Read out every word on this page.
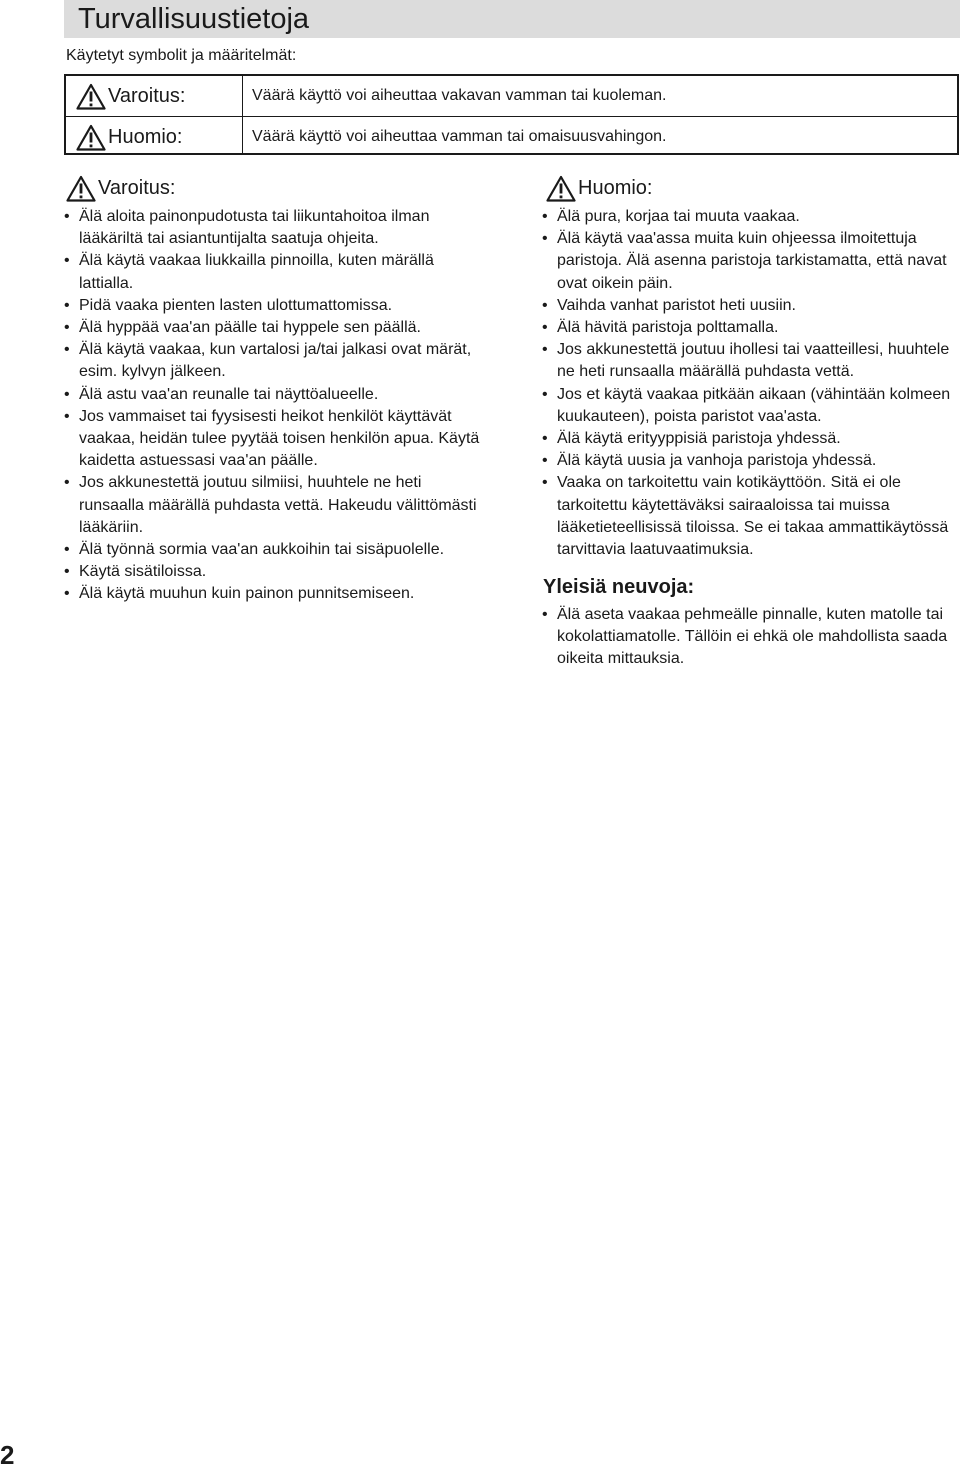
Turvallisuustietoja
Käytetyt symbolit ja määritelmät:
Varoitus:	Väärä käyttö voi aiheuttaa vakavan vamman tai kuoleman.
Huomio:	Väärä käyttö voi aiheuttaa vamman tai omaisuusvahingon.
Varoitus:
• Älä aloita painonpudotusta tai liikuntahoitoa ilman lääkäriltä tai asiantuntijalta saatuja ohjeita.
• Älä käytä vaakaa liukkailla pinnoilla, kuten märällä lattialla.
• Pidä vaaka pienten lasten ulottumattomissa.
• Älä hyppää vaa'an päälle tai hyppele sen päällä.
• Älä käytä vaakaa, kun vartalosi ja/tai jalkasi ovat märät, esim. kylvyn jälkeen.
• Älä astu vaa'an reunalle tai näyttöalueelle.
• Jos vammaiset tai fyysisesti heikot henkilöt käyttävät vaakaa, heidän tulee pyytää toisen henkilön apua. Käytä kaidetta astuessasi vaa'an päälle.
• Jos akkunestettä joutuu silmiisi, huuhtele ne heti runsaalla määrällä puhdasta vettä. Hakeudu välittömästi lääkäriin.
• Älä työnnä sormia vaa'an aukkoihin tai sisäpuolelle.
• Käytä sisätiloissa.
• Älä käytä muuhun kuin painon punnitsemiseen.
Huomio:
• Älä pura, korjaa tai muuta vaakaa.
• Älä käytä vaa'assa muita kuin ohjeessa ilmoitettuja paristoja. Älä asenna paristoja tarkistamatta, että navat ovat oikein päin.
• Vaihda vanhat paristot heti uusiin.
• Älä hävitä paristoja polttamalla.
• Jos akkunestettä joutuu ihollesi tai vaatteillesi, huuhtele ne heti runsaalla määrällä puhdasta vettä.
• Jos et käytä vaakaa pitkään aikaan (vähintään kolmeen kuukauteen), poista paristot vaa'asta.
• Älä käytä erityyppisiä paristoja yhdessä.
• Älä käytä uusia ja vanhoja paristoja yhdessä.
• Vaaka on tarkoitettu vain kotikäyttöön. Sitä ei ole tarkoitettu käytettäväksi sairaaloissa tai muissa lääketieteellisissä tiloissa. Se ei takaa ammattikäytössä tarvittavia laatuvaatimuksia.
Yleisiä neuvoja:
• Älä aseta vaakaa pehmeälle pinnalle, kuten matolle tai kokolattiamatolle. Tällöin ei ehkä ole mahdollista saada oikeita mittauksia.
2
